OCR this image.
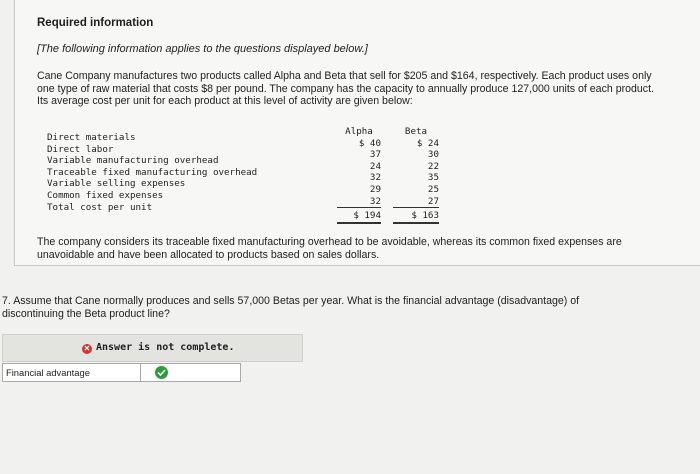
Required information
[The following information applies to the questions displayed below.]
Cane Company manufactures two products called Alpha and Beta that sell for $205 and $164, respectively. Each product uses only one type of raw material that costs $8 per pound. The company has the capacity to annually produce 127,000 units of each product. Its average cost per unit for each product at this level of activity are given below:
Direct materials
Direct labor
Variable manufacturing overhead
Traceable fixed manufacturing overhead
Variable selling expenses
Common fixed expenses
Total cost per unit
Alpha
$ 40
37
24
32
29
32
$ 194
Beta
$ 24
30
22
35
25
27
$ 163
The company considers its traceable fixed manufacturing overhead to be avoidable, whereas its common fixed expenses are unavoidable and have been allocated to products based on sales dollars.
7. Assume that Cane normally produces and sells 57,000 Betas per year. What is the financial advantage (disadvantage) of discontinuing the Beta product line?
✕ Answer is not complete.
Financial advantage
